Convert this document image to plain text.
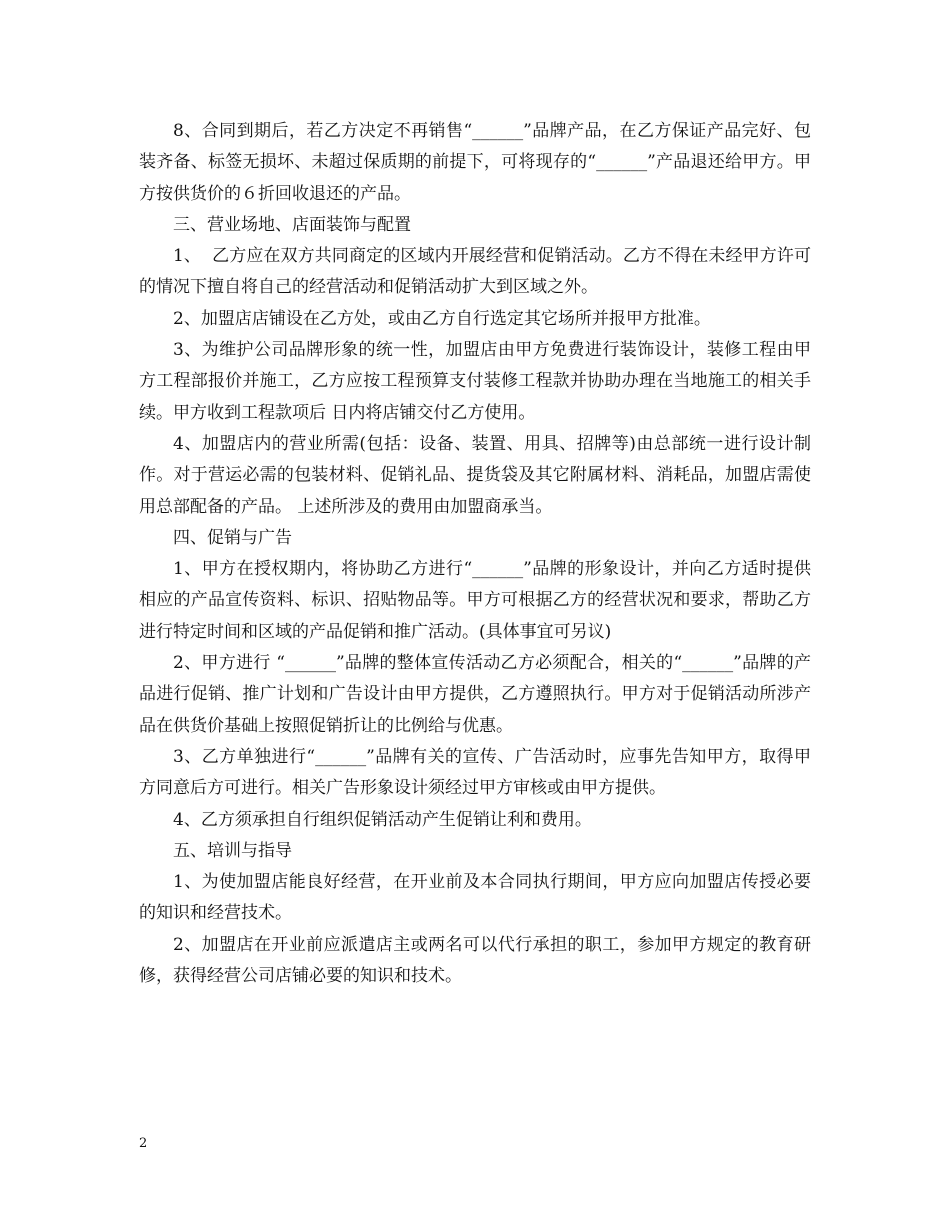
8、合同到期后，若乙方决定不再销售“______”品牌产品，在乙方保证产品完好、包装齐备、标签无损坏、未超过保质期的前提下，可将现存的“______”产品退还给甲方。甲方按供货价的６折回收退还的产品。

三、营业场地、店面装饰与配置

1、  乙方应在双方共同商定的区域内开展经营和促销活动。乙方不得在未经甲方许可的情况下擅自将自己的经营活动和促销活动扩大到区域之外。

2、加盟店店铺设在乙方处，或由乙方自行选定其它场所并报甲方批准。

3、为维护公司品牌形象的统一性，加盟店由甲方免费进行装饰设计，装修工程由甲方工程部报价并施工，乙方应按工程预算支付装修工程款并协助办理在当地施工的相关手续。甲方收到工程款项后 日内将店铺交付乙方使用。

4、加盟店内的营业所需(包括：设备、装置、用具、招牌等)由总部统一进行设计制作。对于营运必需的包装材料、促销礼品、提货袋及其它附属材料、消耗品，加盟店需使用总部配备的产品。 上述所涉及的费用由加盟商承当。

四、促销与广告

1、甲方在授权期内，将协助乙方进行“______”品牌的形象设计，并向乙方适时提供相应的产品宣传资料、标识、招贴物品等。甲方可根据乙方的经营状况和要求，帮助乙方进行特定时间和区域的产品促销和推广活动。(具体事宜可另议)

2、甲方进行 “______”品牌的整体宣传活动乙方必须配合，相关的“______”品牌的产品进行促销、推广计划和广告设计由甲方提供，乙方遵照执行。甲方对于促销活动所涉产品在供货价基础上按照促销折让的比例给与优惠。

3、乙方单独进行“______”品牌有关的宣传、广告活动时，应事先告知甲方，取得甲方同意后方可进行。相关广告形象设计须经过甲方审核或由甲方提供。

4、乙方须承担自行组织促销活动产生促销让利和费用。

五、培训与指导

1、为使加盟店能良好经营，在开业前及本合同执行期间，甲方应向加盟店传授必要的知识和经营技术。

2、加盟店在开业前应派遣店主或两名可以代行承担的职工，参加甲方规定的教育研修，获得经营公司店铺必要的知识和技术。

2
